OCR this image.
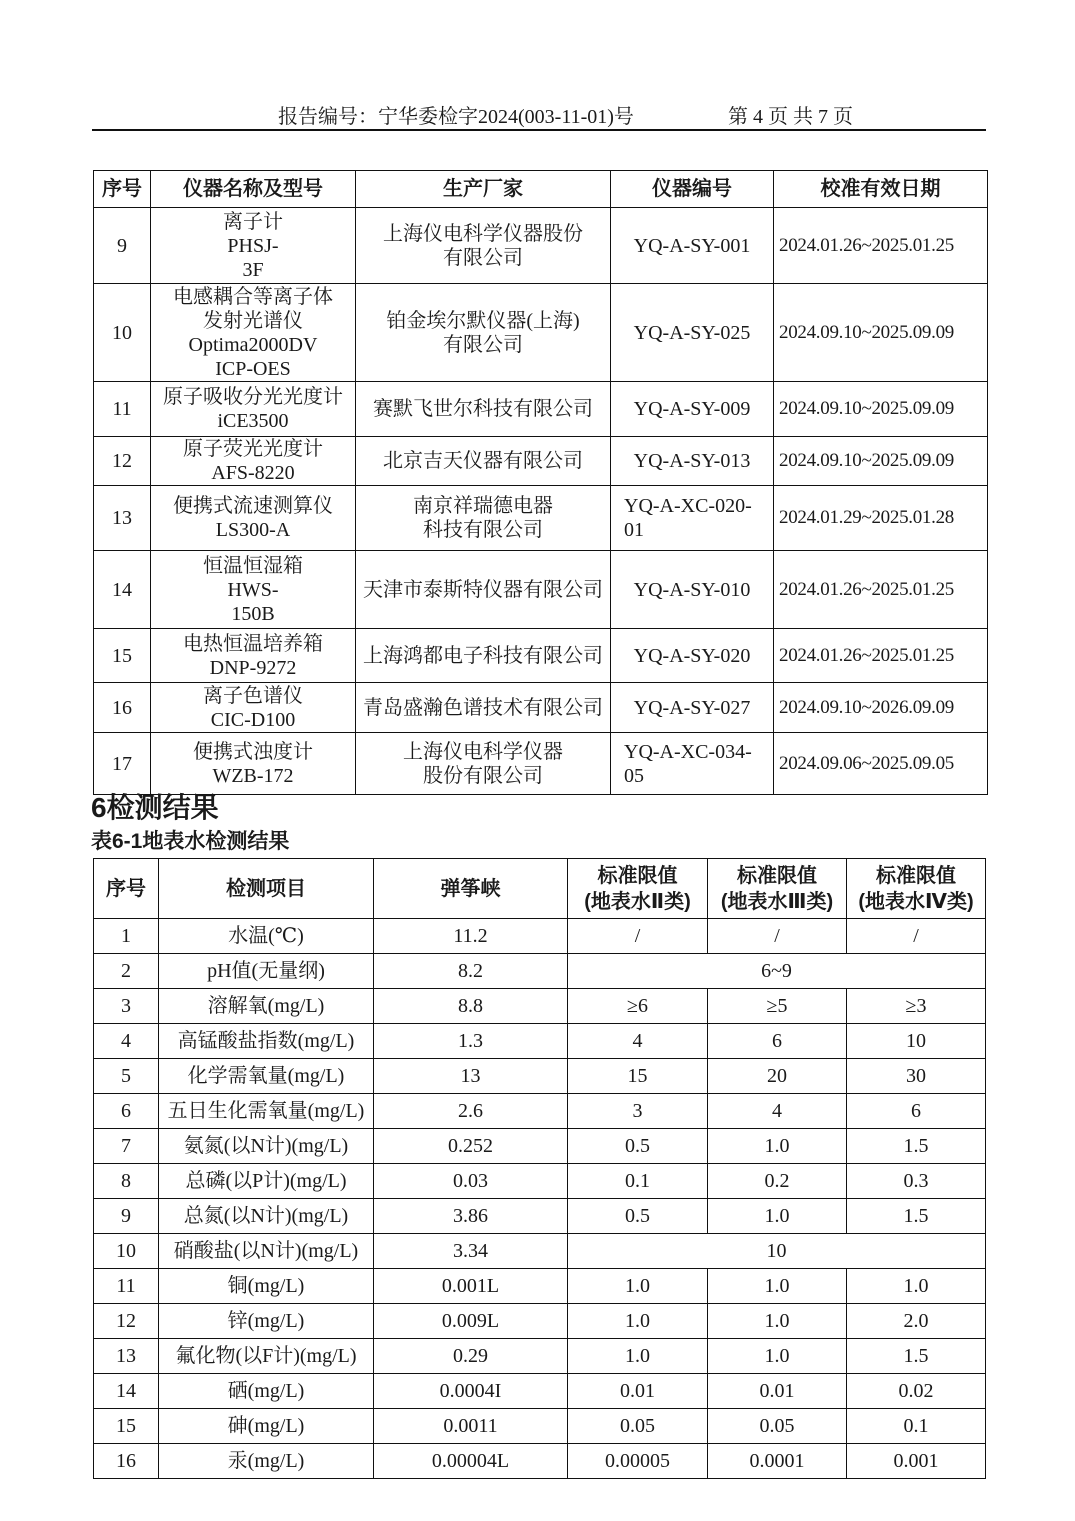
报告编号：宁华委检字2024(003-11-01)号	第 4 页 共 7 页
序号	仪器名称及型号	生产厂家	仪器编号	校准有效日期
9	离子计
PHSJ-
3F	上海仪电科学仪器股份
有限公司	YQ-A-SY-001	2024.01.26~2025.01.25
10	电感耦合等离子体
发射光谱仪
Optima2000DV
ICP-OES	铂金埃尔默仪器(上海)
有限公司	YQ-A-SY-025	2024.09.10~2025.09.09
11	原子吸收分光光度计
iCE3500	赛默飞世尔科技有限公司	YQ-A-SY-009	2024.09.10~2025.09.09
12	原子荧光光度计
AFS-8220	北京吉天仪器有限公司	YQ-A-SY-013	2024.09.10~2025.09.09
13	便携式流速测算仪
LS300-A	南京祥瑞德电器
科技有限公司	YQ-A-XC-020-
01	2024.01.29~2025.01.28
14	恒温恒湿箱
HWS-
150B	天津市泰斯特仪器有限公司	YQ-A-SY-010	2024.01.26~2025.01.25
15	电热恒温培养箱
DNP-9272	上海鸿都电子科技有限公司	YQ-A-SY-020	2024.01.26~2025.01.25
16	离子色谱仪
CIC-D100	青岛盛瀚色谱技术有限公司	YQ-A-SY-027	2024.09.10~2026.09.09
17	便携式浊度计
WZB-172	上海仪电科学仪器
股份有限公司	YQ-A-XC-034-
05	2024.09.06~2025.09.05
6检测结果
表6-1地表水检测结果
序号	检测项目	弹筝峡	标准限值
(地表水Ⅱ类)	标准限值
(地表水Ⅲ类)	标准限值
(地表水Ⅳ类)
1	水温(℃)	11.2	/	/	/
2	pH值(无量纲)	8.2	6~9		
3	溶解氧(mg/L)	8.8	≥6	≥5	≥3
4	高锰酸盐指数(mg/L)	1.3	4	6	10
5	化学需氧量(mg/L)	13	15	20	30
6	五日生化需氧量(mg/L)	2.6	3	4	6
7	氨氮(以N计)(mg/L)	0.252	0.5	1.0	1.5
8	总磷(以P计)(mg/L)	0.03	0.1	0.2	0.3
9	总氮(以N计)(mg/L)	3.86	0.5	1.0	1.5
10	硝酸盐(以N计)(mg/L)	3.34	10		
11	铜(mg/L)	0.001L	1.0	1.0	1.0
12	锌(mg/L)	0.009L	1.0	1.0	2.0
13	氟化物(以F计)(mg/L)	0.29	1.0	1.0	1.5
14	硒(mg/L)	0.0004I	0.01	0.01	0.02
15	砷(mg/L)	0.0011	0.05	0.05	0.1
16	汞(mg/L)	0.00004L	0.00005	0.0001	0.001
